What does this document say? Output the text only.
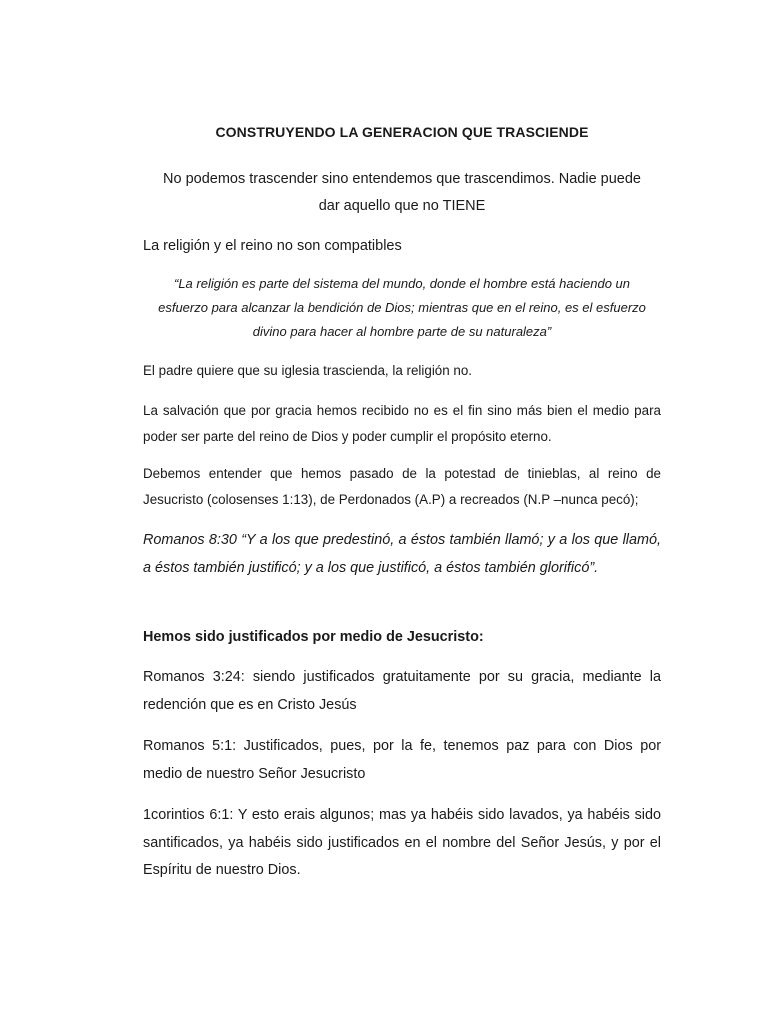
CONSTRUYENDO LA GENERACION QUE TRASCIENDE
No podemos trascender sino entendemos que trascendimos. Nadie puede
dar aquello que no TIENE

La religión y el reino no son compatibles

“La religión es parte del sistema del mundo, donde el hombre está haciendo un
esfuerzo para alcanzar la bendición de Dios; mientras que en el reino, es el esfuerzo
divino para hacer al hombre parte de su naturaleza”

El padre quiere que su iglesia trascienda, la religión no.

La salvación que por gracia hemos recibido no es el fin sino más bien el medio para poder ser parte del reino de Dios y poder cumplir el propósito eterno.

Debemos entender que hemos pasado de la potestad de tinieblas, al reino de Jesucristo (colosenses 1:13), de Perdonados (A.P) a recreados (N.P –nunca pecó);

Romanos 8:30 “Y a los que predestinó, a éstos también llamó; y a los que llamó, a éstos también justificó; y a los que justificó, a éstos también glorificó”.

Hemos sido justificados por medio de Jesucristo:

Romanos 3:24: siendo justificados gratuitamente por su gracia, mediante la redención que es en Cristo Jesús

Romanos 5:1: Justificados, pues, por la fe, tenemos paz para con Dios por medio de nuestro Señor Jesucristo

1corintios 6:1: Y esto erais algunos; mas ya habéis sido lavados, ya habéis sido santificados, ya habéis sido justificados en el nombre del Señor Jesús, y por el Espíritu de nuestro Dios.
